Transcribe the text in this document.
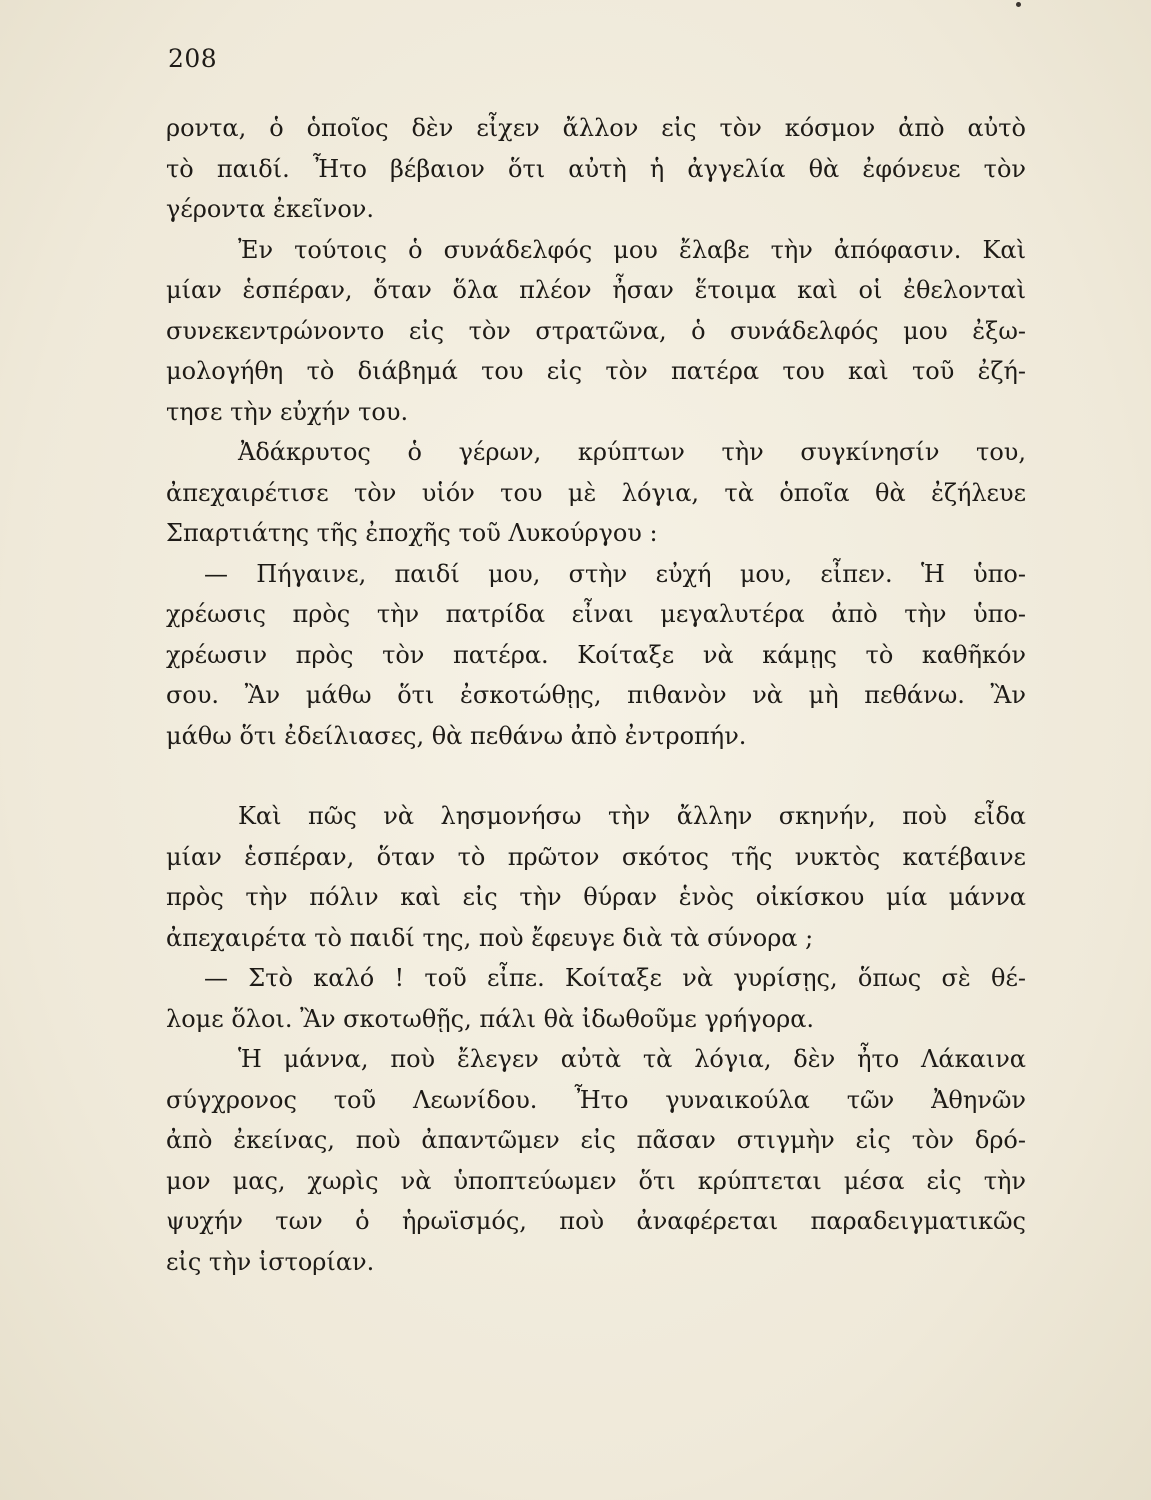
208

ροντα, ὁ ὁποῖος δὲν εἶχεν ἄλλον εἰς τὸν κόσμον ἀπὸ αὐτὸ
τὸ παιδί. Ἦτο βέβαιον ὅτι αὐτὴ ἡ ἀγγελία θὰ ἐφόνευε τὸν
γέροντα ἐκεῖνον.

Ἐν τούτοις ὁ συνάδελφός μου ἔλαβε τὴν ἀπόφασιν. Καὶ
μίαν ἑσπέραν, ὅταν ὅλα πλέον ἦσαν ἕτοιμα καὶ οἱ ἐθελονταὶ
συνεκεντρώνοντο εἰς τὸν στρατῶνα, ὁ συνάδελφός μου ἐξω-
μολογήθη τὸ διάβημά του εἰς τὸν πατέρα του καὶ τοῦ ἐζή-
τησε τὴν εὐχήν του.

Ἀδάκρυτος ὁ γέρων, κρύπτων τὴν συγκίνησίν του,
ἀπεχαιρέτισε τὸν υἱόν του μὲ λόγια, τὰ ὁποῖα θὰ ἐζήλευε
Σπαρτιάτης τῆς ἐποχῆς τοῦ Λυκούργου :

— Πήγαινε, παιδί μου, στὴν εὐχή μου, εἶπεν. Ἡ ὑπο-
χρέωσις πρὸς τὴν πατρίδα εἶναι μεγαλυτέρα ἀπὸ τὴν ὑπο-
χρέωσιν πρὸς τὸν πατέρα. Κοίταξε νὰ κάμῃς τὸ καθῆκόν
σου. Ἂν μάθω ὅτι ἐσκοτώθῃς, πιθανὸν νὰ μὴ πεθάνω. Ἂν
μάθω ὅτι ἐδείλιασες, θὰ πεθάνω ἀπὸ ἐντροπήν.

Καὶ πῶς νὰ λησμονήσω τὴν ἄλλην σκηνήν, ποὺ εἶδα
μίαν ἑσπέραν, ὅταν τὸ πρῶτον σκότος τῆς νυκτὸς κατέβαινε
πρὸς τὴν πόλιν καὶ εἰς τὴν θύραν ἑνὸς οἰκίσκου μία μάννα
ἀπεχαιρέτα τὸ παιδί της, ποὺ ἔφευγε διὰ τὰ σύνορα ;

— Στὸ καλό ! τοῦ εἶπε. Κοίταξε νὰ γυρίσῃς, ὅπως σὲ θέ-
λομε ὅλοι. Ἂν σκοτωθῇς, πάλι θὰ ἰδωθοῦμε γρήγορα.

Ἡ μάννα, ποὺ ἔλεγεν αὐτὰ τὰ λόγια, δὲν ἦτο Λάκαινα
σύγχρονος τοῦ Λεωνίδου. Ἦτο γυναικούλα τῶν Ἀθηνῶν
ἀπὸ ἐκείνας, ποὺ ἀπαντῶμεν εἰς πᾶσαν στιγμὴν εἰς τὸν δρό-
μον μας, χωρὶς νὰ ὑποπτεύωμεν ὅτι κρύπτεται μέσα εἰς τὴν
ψυχήν των ὁ ἡρωϊσμός, ποὺ ἀναφέρεται παραδειγματικῶς
εἰς τὴν ἱστορίαν.
